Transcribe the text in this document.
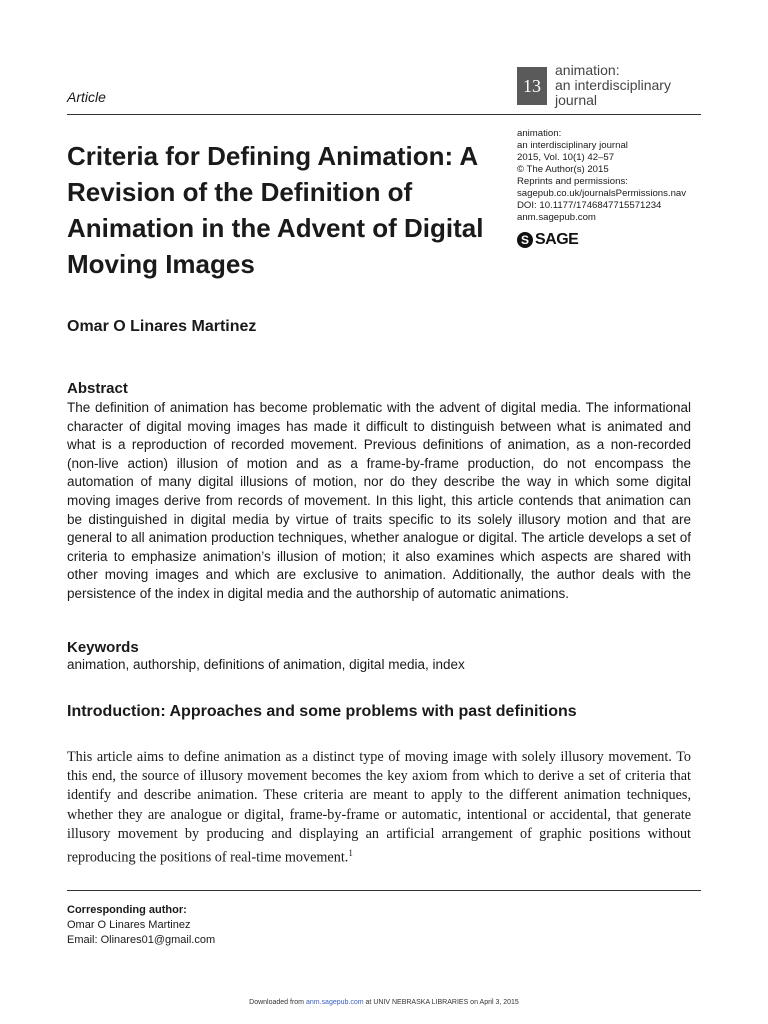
Article
13
animation:
an interdisciplinary
journal
Criteria for Defining Animation: A Revision of the Definition of Animation in the Advent of Digital Moving Images
animation:
an interdisciplinary journal
2015, Vol. 10(1) 42–57
© The Author(s) 2015
Reprints and permissions:
sagepub.co.uk/journalsPermissions.nav
DOI: 10.1177/1746847715571234
anm.sagepub.com
S SAGE
Omar O Linares Martinez
Abstract
The definition of animation has become problematic with the advent of digital media. The informational character of digital moving images has made it difficult to distinguish between what is animated and what is a reproduction of recorded movement. Previous definitions of animation, as a non-recorded (non-live action) illusion of motion and as a frame-by-frame production, do not encompass the automation of many digital illusions of motion, nor do they describe the way in which some digital moving images derive from records of movement. In this light, this article contends that animation can be distinguished in digital media by virtue of traits specific to its solely illusory motion and that are general to all animation production techniques, whether analogue or digital. The article develops a set of criteria to emphasize animation’s illusion of motion; it also examines which aspects are shared with other moving images and which are exclusive to animation. Additionally, the author deals with the persistence of the index in digital media and the authorship of automatic animations.
Keywords
animation, authorship, definitions of animation, digital media, index
Introduction: Approaches and some problems with past definitions
This article aims to define animation as a distinct type of moving image with solely illusory movement. To this end, the source of illusory movement becomes the key axiom from which to derive a set of criteria that identify and describe animation. These criteria are meant to apply to the different animation techniques, whether they are analogue or digital, frame-by-frame or automatic, intentional or accidental, that generate illusory movement by producing and displaying an artificial arrangement of graphic positions without reproducing the positions of real-time movement.$^1$
Corresponding author:
Omar O Linares Martinez
Email: Olinares01@gmail.com
Downloaded from anm.sagepub.com at UNIV NEBRASKA LIBRARIES on April 3, 2015
